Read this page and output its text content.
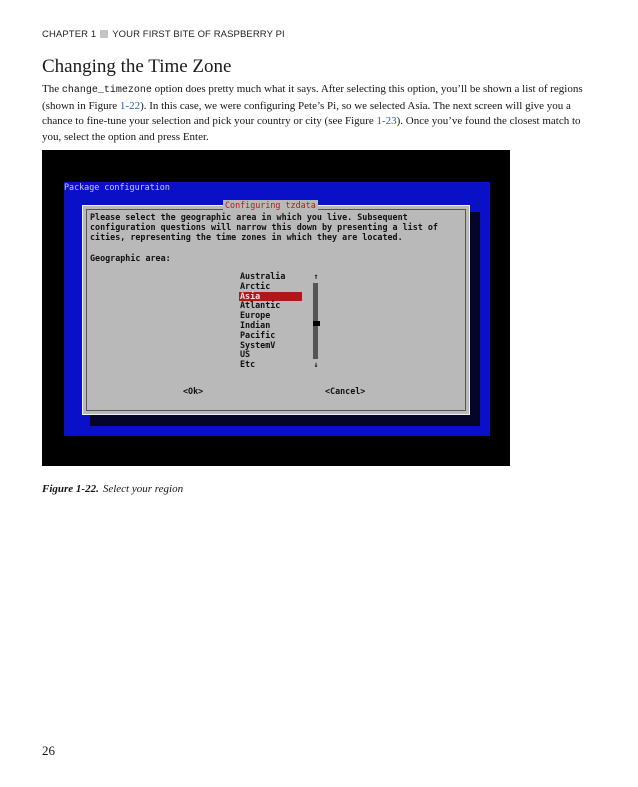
CHAPTER 1 YOUR FIRST BITE OF RASPBERRY PI
Changing the Time Zone
The change_timezone option does pretty much what it says. After selecting this option, you’ll be shown a list of regions (shown in Figure 1-22). In this case, we were configuring Pete’s Pi, so we selected Asia. The next screen will give you a chance to fine-tune your selection and pick your country or city (see Figure 1-23). Once you’ve found the closest match to you, select the option and press Enter.
Package configuration
Configuring tzdata
Please select the geographic area in which you live. Subsequent
configuration questions will narrow this down by presenting a list of
cities, representing the time zones in which they are located.
Geographic area:
Australia
Arctic
Asia
Atlantic
Europe
Indian
Pacific
SystemV
US
Etc
↑
↓
<Ok>	<Cancel>
Figure 1-22. Select your region
26
